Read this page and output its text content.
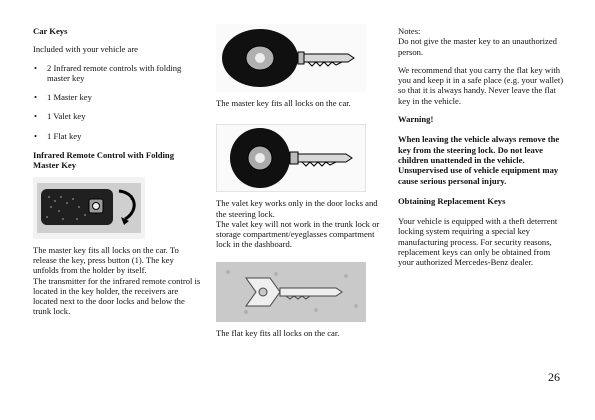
Car Keys
Included with your vehicle are
• 2 Infrared remote controls with folding master key
• 1 Master key
• 1 Valet key
• 1 Flat key
Infrared Remote Control with Folding Master Key
1
The master key fits all locks on the car. To release the key, press button (1). The key unfolds from the holder by itself.
The transmitter for the infrared remote control is located in the key holder, the receivers are located next to the door locks and below the trunk lock.
The master key fits all locks on the car.
The valet key works only in the door locks and the steering lock.
The valet key will not work in the trunk lock or storage compartment/eyeglasses compartment lock in the dashboard.
The flat key fits all locks on the car.
Notes:
Do not give the master key to an unauthorized person.
We recommend that you carry the flat key with you and keep it in a safe place (e.g. your wallet) so that it is always handy. Never leave the flat key in the vehicle.
Warning!
When leaving the vehicle always remove the key from the steering lock. Do not leave children unattended in the vehicle. Unsupervised use of vehicle equipment may cause serious personal injury.
Obtaining Replacement Keys
Your vehicle is equipped with a theft deterrent locking system requiring a special key manufacturing process. For security reasons, replacement keys can only be obtained from your authorized Mercedes-Benz dealer.
26
